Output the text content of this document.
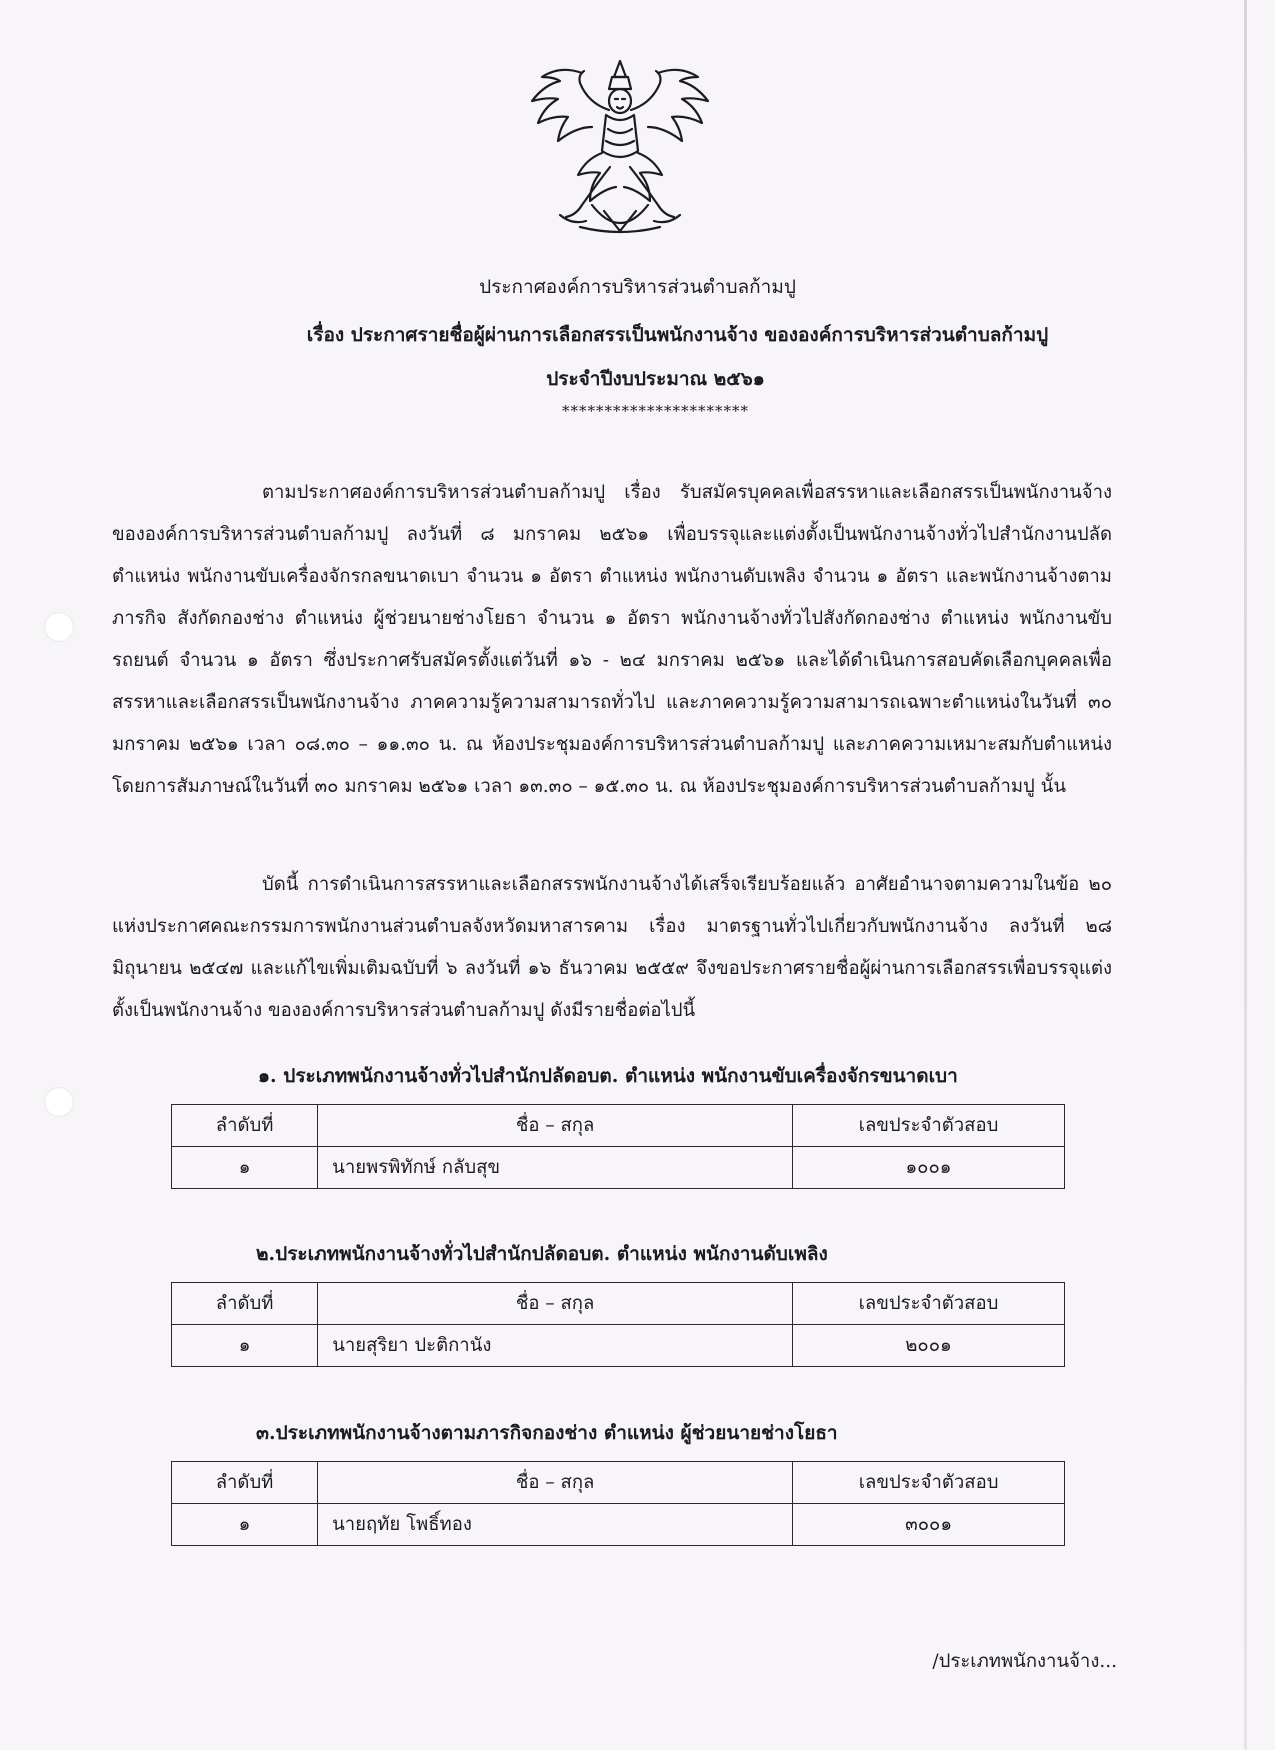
ประกาศองค์การบริหารส่วนตำบลก้ามปู
เรื่อง ประกาศรายชื่อผู้ผ่านการเลือกสรรเป็นพนักงานจ้าง ขององค์การบริหารส่วนตำบลก้ามปู
ประจำปีงบประมาณ ๒๕๖๑
**********************
ตามประกาศองค์การบริหารส่วนตำบลก้ามปู เรื่อง รับสมัครบุคคลเพื่อสรรหาและเลือกสรรเป็นพนักงานจ้างขององค์การบริหารส่วนตำบลก้ามปู ลงวันที่ ๘ มกราคม ๒๕๖๑ เพื่อบรรจุและแต่งตั้งเป็นพนักงานจ้างทั่วไปสำนักงานปลัด ตำแหน่ง พนักงานขับเครื่องจักรกลขนาดเบา จำนวน ๑ อัตรา ตำแหน่ง พนักงานดับเพลิง จำนวน ๑ อัตรา และพนักงานจ้างตามภารกิจ สังกัดกองช่าง ตำแหน่ง ผู้ช่วยนายช่างโยธา จำนวน ๑ อัตรา พนักงานจ้างทั่วไปสังกัดกองช่าง ตำแหน่ง พนักงานขับรถยนต์ จำนวน ๑ อัตรา ซึ่งประกาศรับสมัครตั้งแต่วันที่ ๑๖ - ๒๔ มกราคม ๒๕๖๑ และได้ดำเนินการสอบคัดเลือกบุคคลเพื่อสรรหาและเลือกสรรเป็นพนักงานจ้าง ภาคความรู้ความสามารถทั่วไป และภาคความรู้ความสามารถเฉพาะตำแหน่งในวันที่ ๓๐ มกราคม ๒๕๖๑ เวลา ๐๘.๓๐ – ๑๑.๓๐ น. ณ ห้องประชุมองค์การบริหารส่วนตำบลก้ามปู และภาคความเหมาะสมกับตำแหน่ง โดยการสัมภาษณ์ในวันที่ ๓๐ มกราคม ๒๕๖๑ เวลา ๑๓.๓๐ – ๑๕.๓๐ น. ณ ห้องประชุมองค์การบริหารส่วนตำบลก้ามปู นั้น
บัดนี้ การดำเนินการสรรหาและเลือกสรรพนักงานจ้างได้เสร็จเรียบร้อยแล้ว อาศัยอำนาจตามความในข้อ ๒๐ แห่งประกาศคณะกรรมการพนักงานส่วนตำบลจังหวัดมหาสารคาม เรื่อง มาตรฐานทั่วไปเกี่ยวกับพนักงานจ้าง ลงวันที่ ๒๘ มิถุนายน ๒๕๔๗ และแก้ไขเพิ่มเติมฉบับที่ ๖ ลงวันที่ ๑๖ ธันวาคม ๒๕๕๙ จึงขอประกาศรายชื่อผู้ผ่านการเลือกสรรเพื่อบรรจุแต่งตั้งเป็นพนักงานจ้าง ขององค์การบริหารส่วนตำบลก้ามปู ดังมีรายชื่อต่อไปนี้
๑. ประเภทพนักงานจ้างทั่วไปสำนักปลัดอบต. ตำแหน่ง พนักงานขับเครื่องจักรขนาดเบา
ลำดับที่	ชื่อ – สกุล	เลขประจำตัวสอบ
๑	นายพรพิทักษ์ กลับสุข	๑๐๐๑
๒.ประเภทพนักงานจ้างทั่วไปสำนักปลัดอบต. ตำแหน่ง พนักงานดับเพลิง
ลำดับที่	ชื่อ – สกุล	เลขประจำตัวสอบ
๑	นายสุริยา ปะติกานัง	๒๐๐๑
๓.ประเภทพนักงานจ้างตามภารกิจกองช่าง ตำแหน่ง ผู้ช่วยนายช่างโยธา
ลำดับที่	ชื่อ – สกุล	เลขประจำตัวสอบ
๑	นายฤทัย โพธิ์ทอง	๓๐๐๑
/ประเภทพนักงานจ้าง...
